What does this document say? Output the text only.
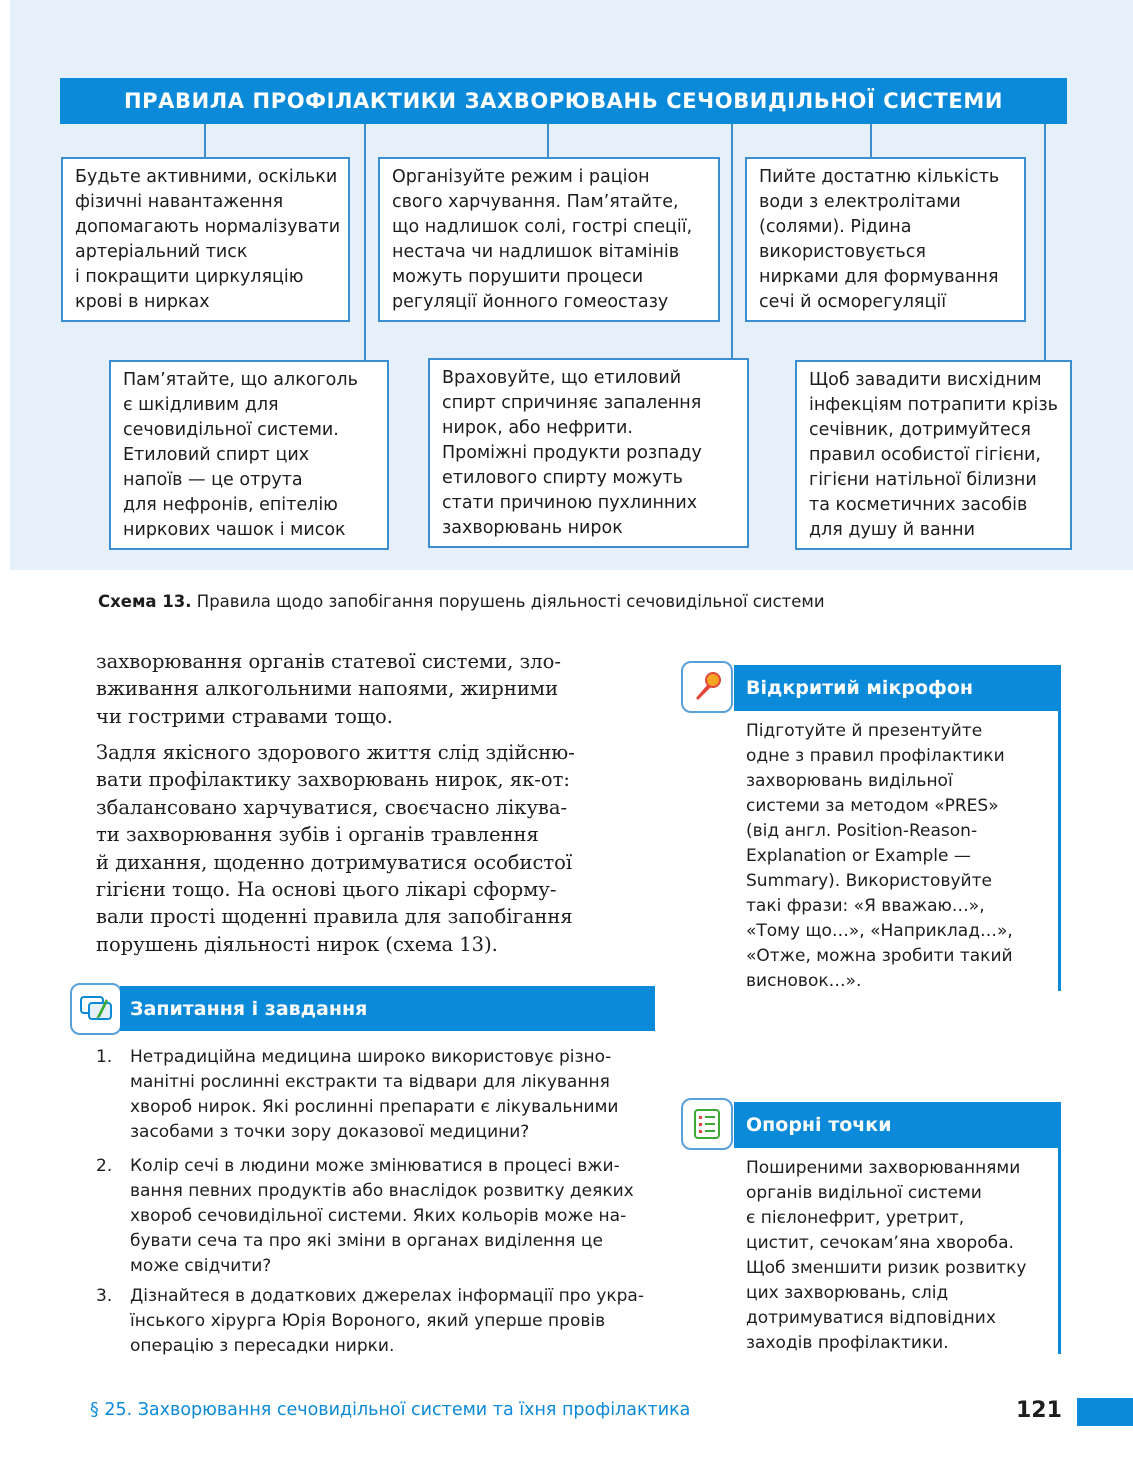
ПРАВИЛА ПРОФІЛАКТИКИ ЗАХВОРЮВАНЬ СЕЧОВИДІЛЬНОЇ СИСТЕМИ
Будьте активними, оскільки
фізичні навантаження
допомагають нормалізувати
артеріальний тиск
і покращити циркуляцію
крові в нирках
Організуйте режим і раціон
свого харчування. Пам’ятайте,
що надлишок солі, гострі спеції,
нестача чи надлишок вітамінів
можуть порушити процеси
регуляції йонного гомеостазу
Пийте достатню кількість
води з електролітами
(солями). Рідина
використовується
нирками для формування
сечі й осморегуляції
Пам’ятайте, що алкоголь
є шкідливим для
сечовидільної системи.
Етиловий спирт цих
напоїв — це отрута
для нефронів, епітелію
ниркових чашок і мисок
Враховуйте, що етиловий
спирт спричиняє запалення
нирок, або нефрити.
Проміжні продукти розпаду
етилового спирту можуть
стати причиною пухлинних
захворювань нирок
Щоб завадити висхідним
інфекціям потрапити крізь
сечівник, дотримуйтеся
правил особистої гігієни,
гігієни натільної білизни
та косметичних засобів
для душу й ванни
Схема 13. Правила щодо запобігання порушень діяльності сечовидільної системи
захворювання органів статевої системи, зло-
вживання алкогольними напоями, жирними
чи гострими стравами тощо.
Задля якісного здорового життя слід здійсню-
вати профілактику захворювань нирок, як-от:
збалансовано харчуватися, своєчасно лікува-
ти захворювання зубів і органів травлення
й дихання, щоденно дотримуватися особистої
гігієни тощо. На основі цього лікарі сформу-
вали прості щоденні правила для запобігання
порушень діяльності нирок (схема 13).
Відкритий мікрофон
Підготуйте й презентуйте
одне з правил профілактики
захворювань видільної
системи за методом «PRES»
(від англ. Position-Reason-
Explanation or Example —
Summary). Використовуйте
такі фрази: «Я вважаю…»,
«Тому що…», «Наприклад…»,
«Отже, можна зробити такий
висновок…».
Запитання і завдання
1.	Нетрадиційна медицина широко використовує різно-
манітні рослинні екстракти та відвари для лікування
хвороб нирок. Які рослинні препарати є лікувальними
засобами з точки зору доказової медицини?
2.	Колір сечі в людини може змінюватися в процесі вжи-
вання певних продуктів або внаслідок розвитку деяких
хвороб сечовидільної системи. Яких кольорів може на-
бувати сеча та про які зміни в органах виділення це
може свідчити?
3.	Дізнайтеся в додаткових джерелах інформації про укра-
їнського хірурга Юрія Вороного, який уперше провів
операцію з пересадки нирки.
Опорні точки
Поширеними захворюваннями
органів видільної системи
є пієлонефрит, уретрит,
цистит, сечокам’яна хвороба.
Щоб зменшити ризик розвитку
цих захворювань, слід
дотримуватися відповідних
заходів профілактики.
§ 25. Захворювання сечовидільної системи та їхня профілактика	121
